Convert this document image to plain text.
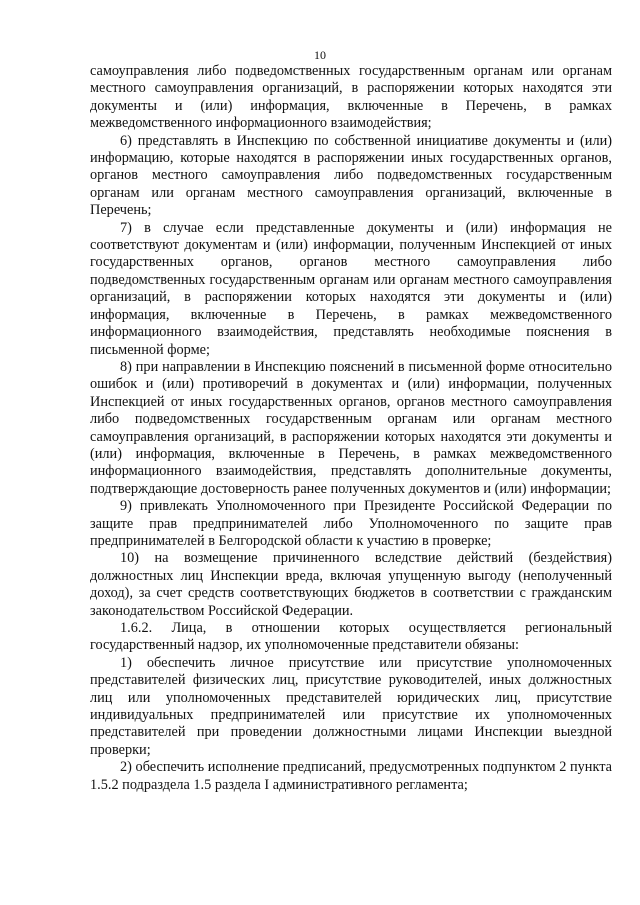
10

самоуправления либо подведомственных государственным органам или органам местного самоуправления организаций, в распоряжении которых находятся эти документы и (или) информация, включенные в Перечень, в рамках межведомственного информационного взаимодействия;

6) представлять в Инспекцию по собственной инициативе документы и (или) информацию, которые находятся в распоряжении иных государственных органов, органов местного самоуправления либо подведомственных государственным органам или органам местного самоуправления организаций, включенные в Перечень;

7) в случае если представленные документы и (или) информация не соответствуют документам и (или) информации, полученным Инспекцией от иных государственных органов, органов местного самоуправления либо подведомственных государственным органам или органам местного самоуправления организаций, в распоряжении которых находятся эти документы и (или) информация, включенные в Перечень, в рамках межведомственного информационного взаимодействия, представлять необходимые пояснения в письменной форме;

8) при направлении в Инспекцию пояснений в письменной форме относительно ошибок и (или) противоречий в документах и (или) информации, полученных Инспекцией от иных государственных органов, органов местного самоуправления либо подведомственных государственным органам или органам местного самоуправления организаций, в распоряжении которых находятся эти документы и (или) информация, включенные в Перечень, в рамках межведомственного информационного взаимодействия, представлять дополнительные документы, подтверждающие достоверность ранее полученных документов и (или) информации;

9) привлекать Уполномоченного при Президенте Российской Федерации по защите прав предпринимателей либо Уполномоченного по защите прав предпринимателей в Белгородской области к участию в проверке;

10) на возмещение причиненного вследствие действий (бездействия) должностных лиц Инспекции вреда, включая упущенную выгоду (неполученный доход), за счет средств соответствующих бюджетов в соответствии с гражданским законодательством Российской Федерации.

1.6.2. Лица, в отношении которых осуществляется региональный государственный надзор, их уполномоченные представители обязаны:

1) обеспечить личное присутствие или присутствие уполномоченных представителей физических лиц, присутствие руководителей, иных должностных лиц или уполномоченных представителей юридических лиц, присутствие индивидуальных предпринимателей или присутствие их уполномоченных представителей при проведении должностными лицами Инспекции выездной проверки;

2) обеспечить исполнение предписаний, предусмотренных подпунктом 2 пункта 1.5.2 подраздела 1.5 раздела I административного регламента;
